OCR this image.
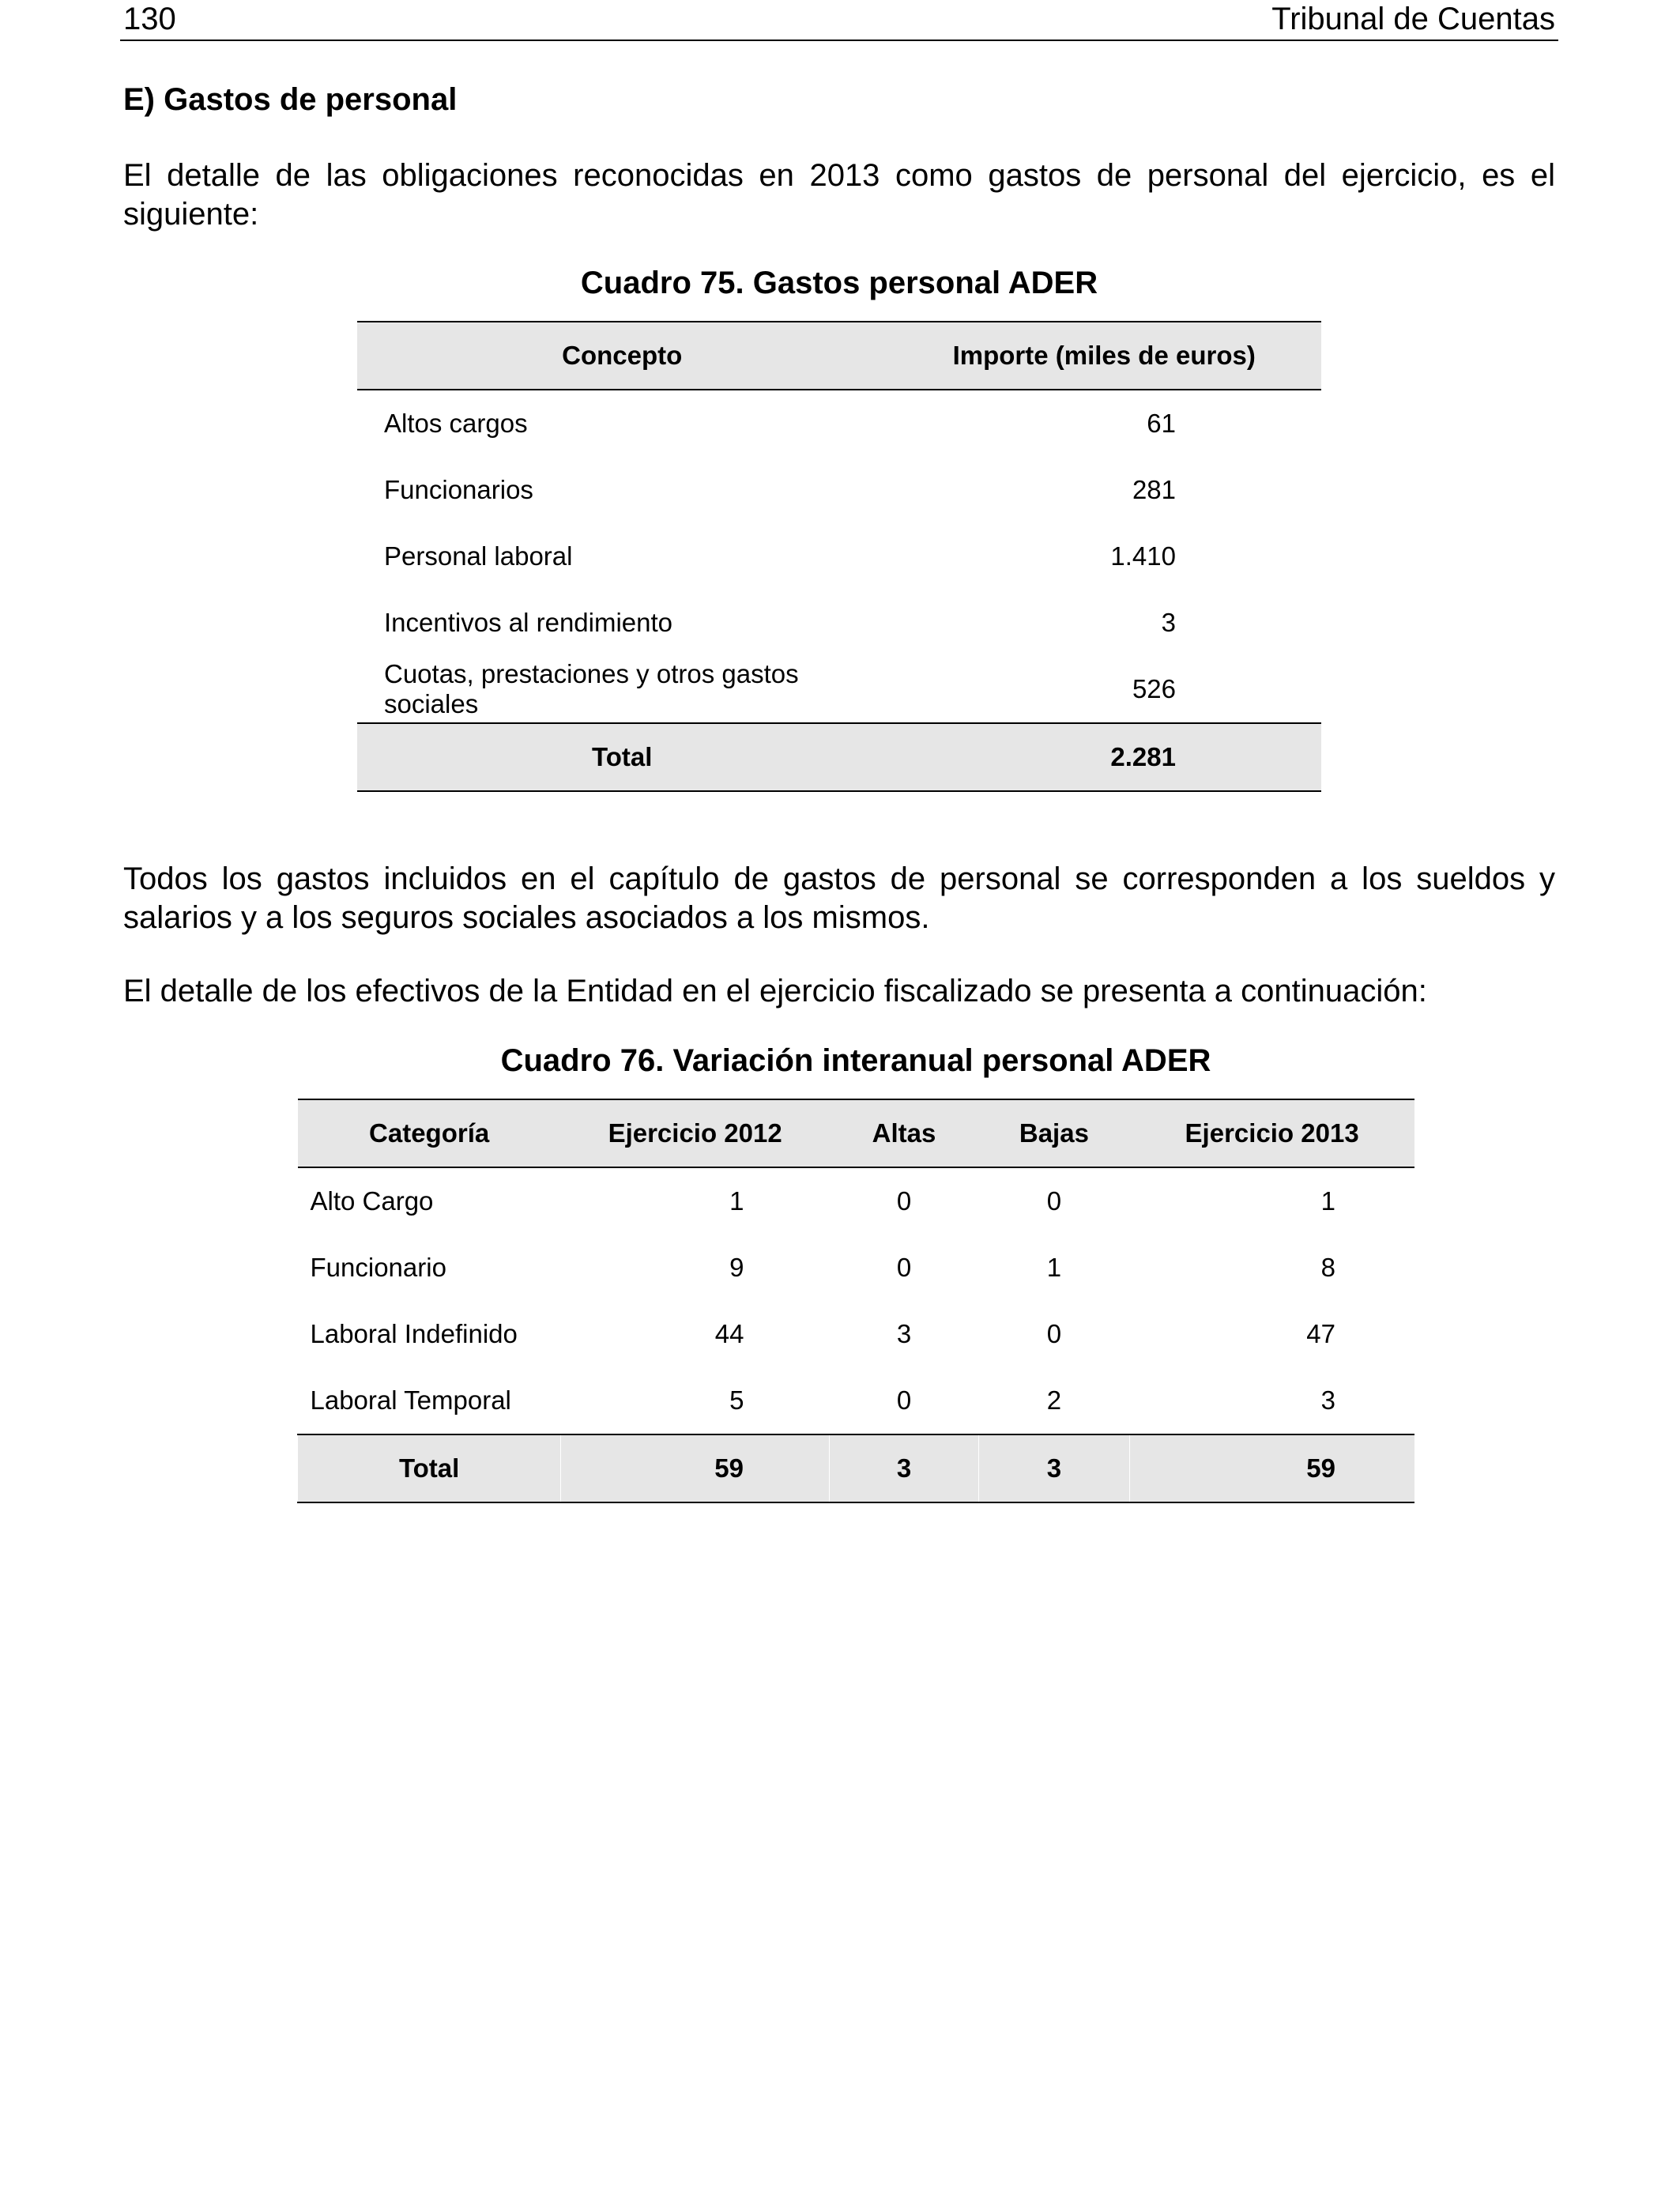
130	Tribunal de Cuentas
E) Gastos de personal

El detalle de las obligaciones reconocidas en 2013 como gastos de personal del ejercicio, es el siguiente:

Cuadro 75. Gastos personal ADER
Concepto	Importe (miles de euros)
Altos cargos	61
Funcionarios	281
Personal laboral	1.410
Incentivos al rendimiento	3
Cuotas, prestaciones y otros gastos sociales	526
Total	2.281

Todos los gastos incluidos en el capítulo de gastos de personal se corresponden a los sueldos y salarios y a los seguros sociales asociados a los mismos.

El detalle de los efectivos de la Entidad en el ejercicio fiscalizado se presenta a continuación:

Cuadro 76. Variación interanual personal ADER
Categoría	Ejercicio 2012	Altas	Bajas	Ejercicio 2013
Alto Cargo	1	0	0	1
Funcionario	9	0	1	8
Laboral Indefinido	44	3	0	47
Laboral Temporal	5	0	2	3
Total	59	3	3	59
